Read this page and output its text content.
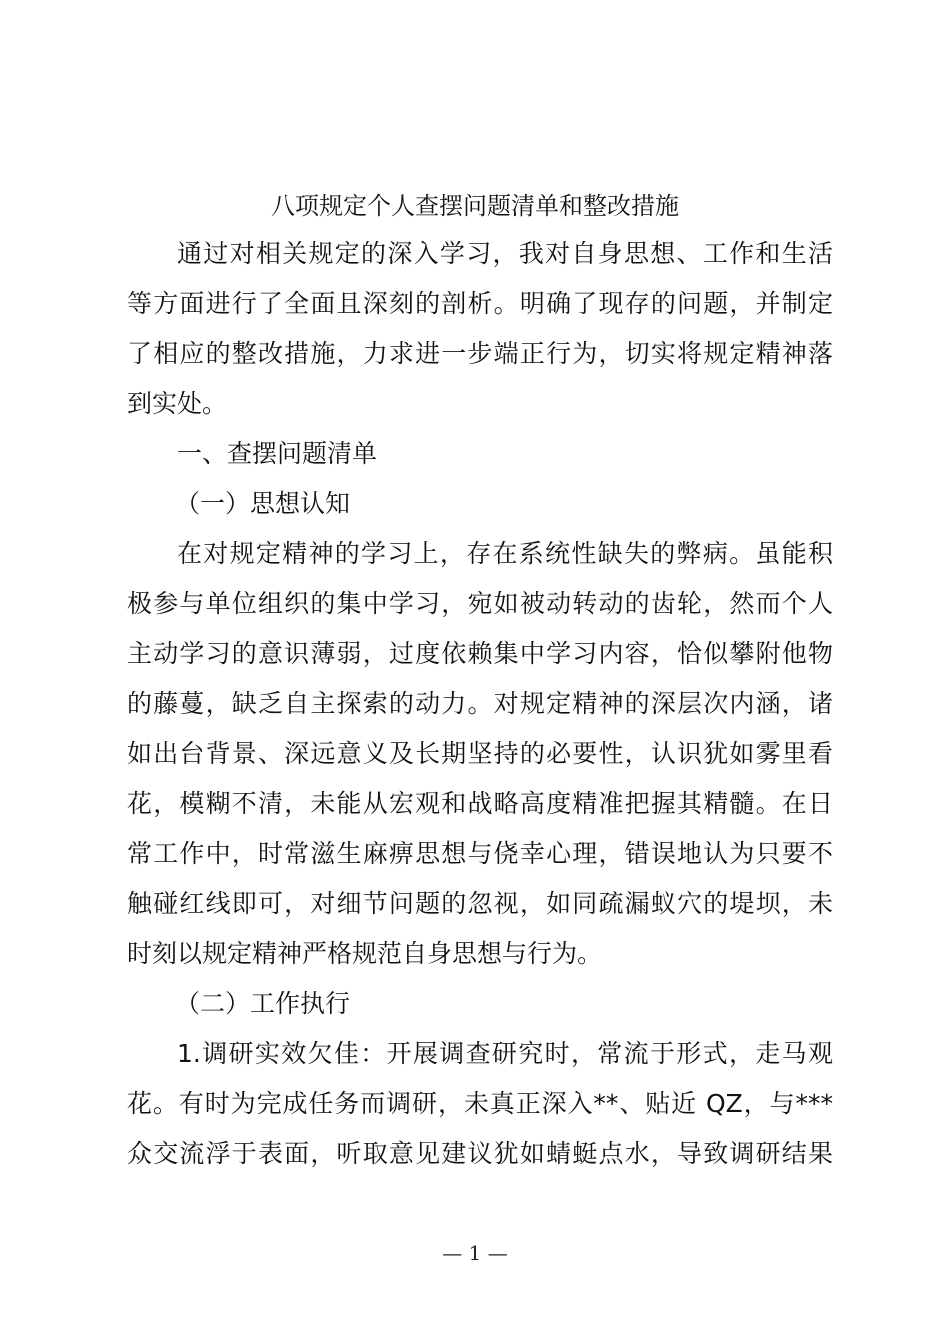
八项规定个人查摆问题清单和整改措施
通过对相关规定的深入学习，我对自身思想、工作和生活
等方面进行了全面且深刻的剖析。明确了现存的问题，并制定
了相应的整改措施，力求进一步端正行为，切实将规定精神落
到实处。
一、查摆问题清单
（一）思想认知
在对规定精神的学习上，存在系统性缺失的弊病。虽能积
极参与单位组织的集中学习，宛如被动转动的齿轮，然而个人
主动学习的意识薄弱，过度依赖集中学习内容，恰似攀附他物
的藤蔓，缺乏自主探索的动力。对规定精神的深层次内涵，诸
如出台背景、深远意义及长期坚持的必要性，认识犹如雾里看
花，模糊不清，未能从宏观和战略高度精准把握其精髓。在日
常工作中，时常滋生麻痹思想与侥幸心理，错误地认为只要不
触碰红线即可，对细节问题的忽视，如同疏漏蚁穴的堤坝，未
时刻以规定精神严格规范自身思想与行为。
（二）工作执行
1.调研实效欠佳：开展调查研究时，常流于形式，走马观
花。有时为完成任务而调研，未真正深入**、贴近 QZ，与***
众交流浮于表面，听取意见建议犹如蜻蜓点水，导致调研结果
— 1 —
